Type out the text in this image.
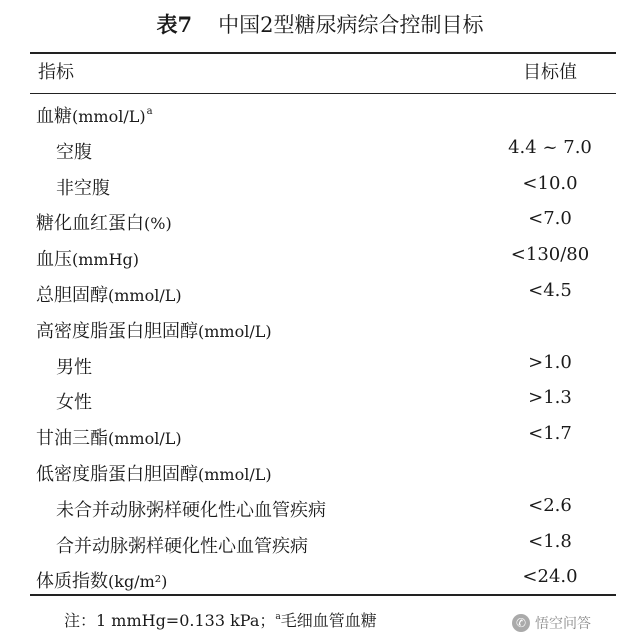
表7 中国2型糖尿病综合控制目标
指标	目标值
血糖(mmol/L)$^a$
空腹	4.4 ~ 7.0
非空腹	<10.0
糖化血红蛋白(%)	<7.0
血压(mmHg)	<130/80
总胆固醇(mmol/L)	<4.5
高密度脂蛋白胆固醇(mmol/L)
男性	>1.0
女性	>1.3
甘油三酯(mmol/L)	<1.7
低密度脂蛋白胆固醇(mmol/L)
未合并动脉粥样硬化性心血管疾病	<2.6
合并动脉粥样硬化性心血管疾病	<1.8
体质指数(kg/m²)	<24.0
注：1 mmHg=0.133 kPa；$^a$毛细血管血糖	✆ 悟空问答
